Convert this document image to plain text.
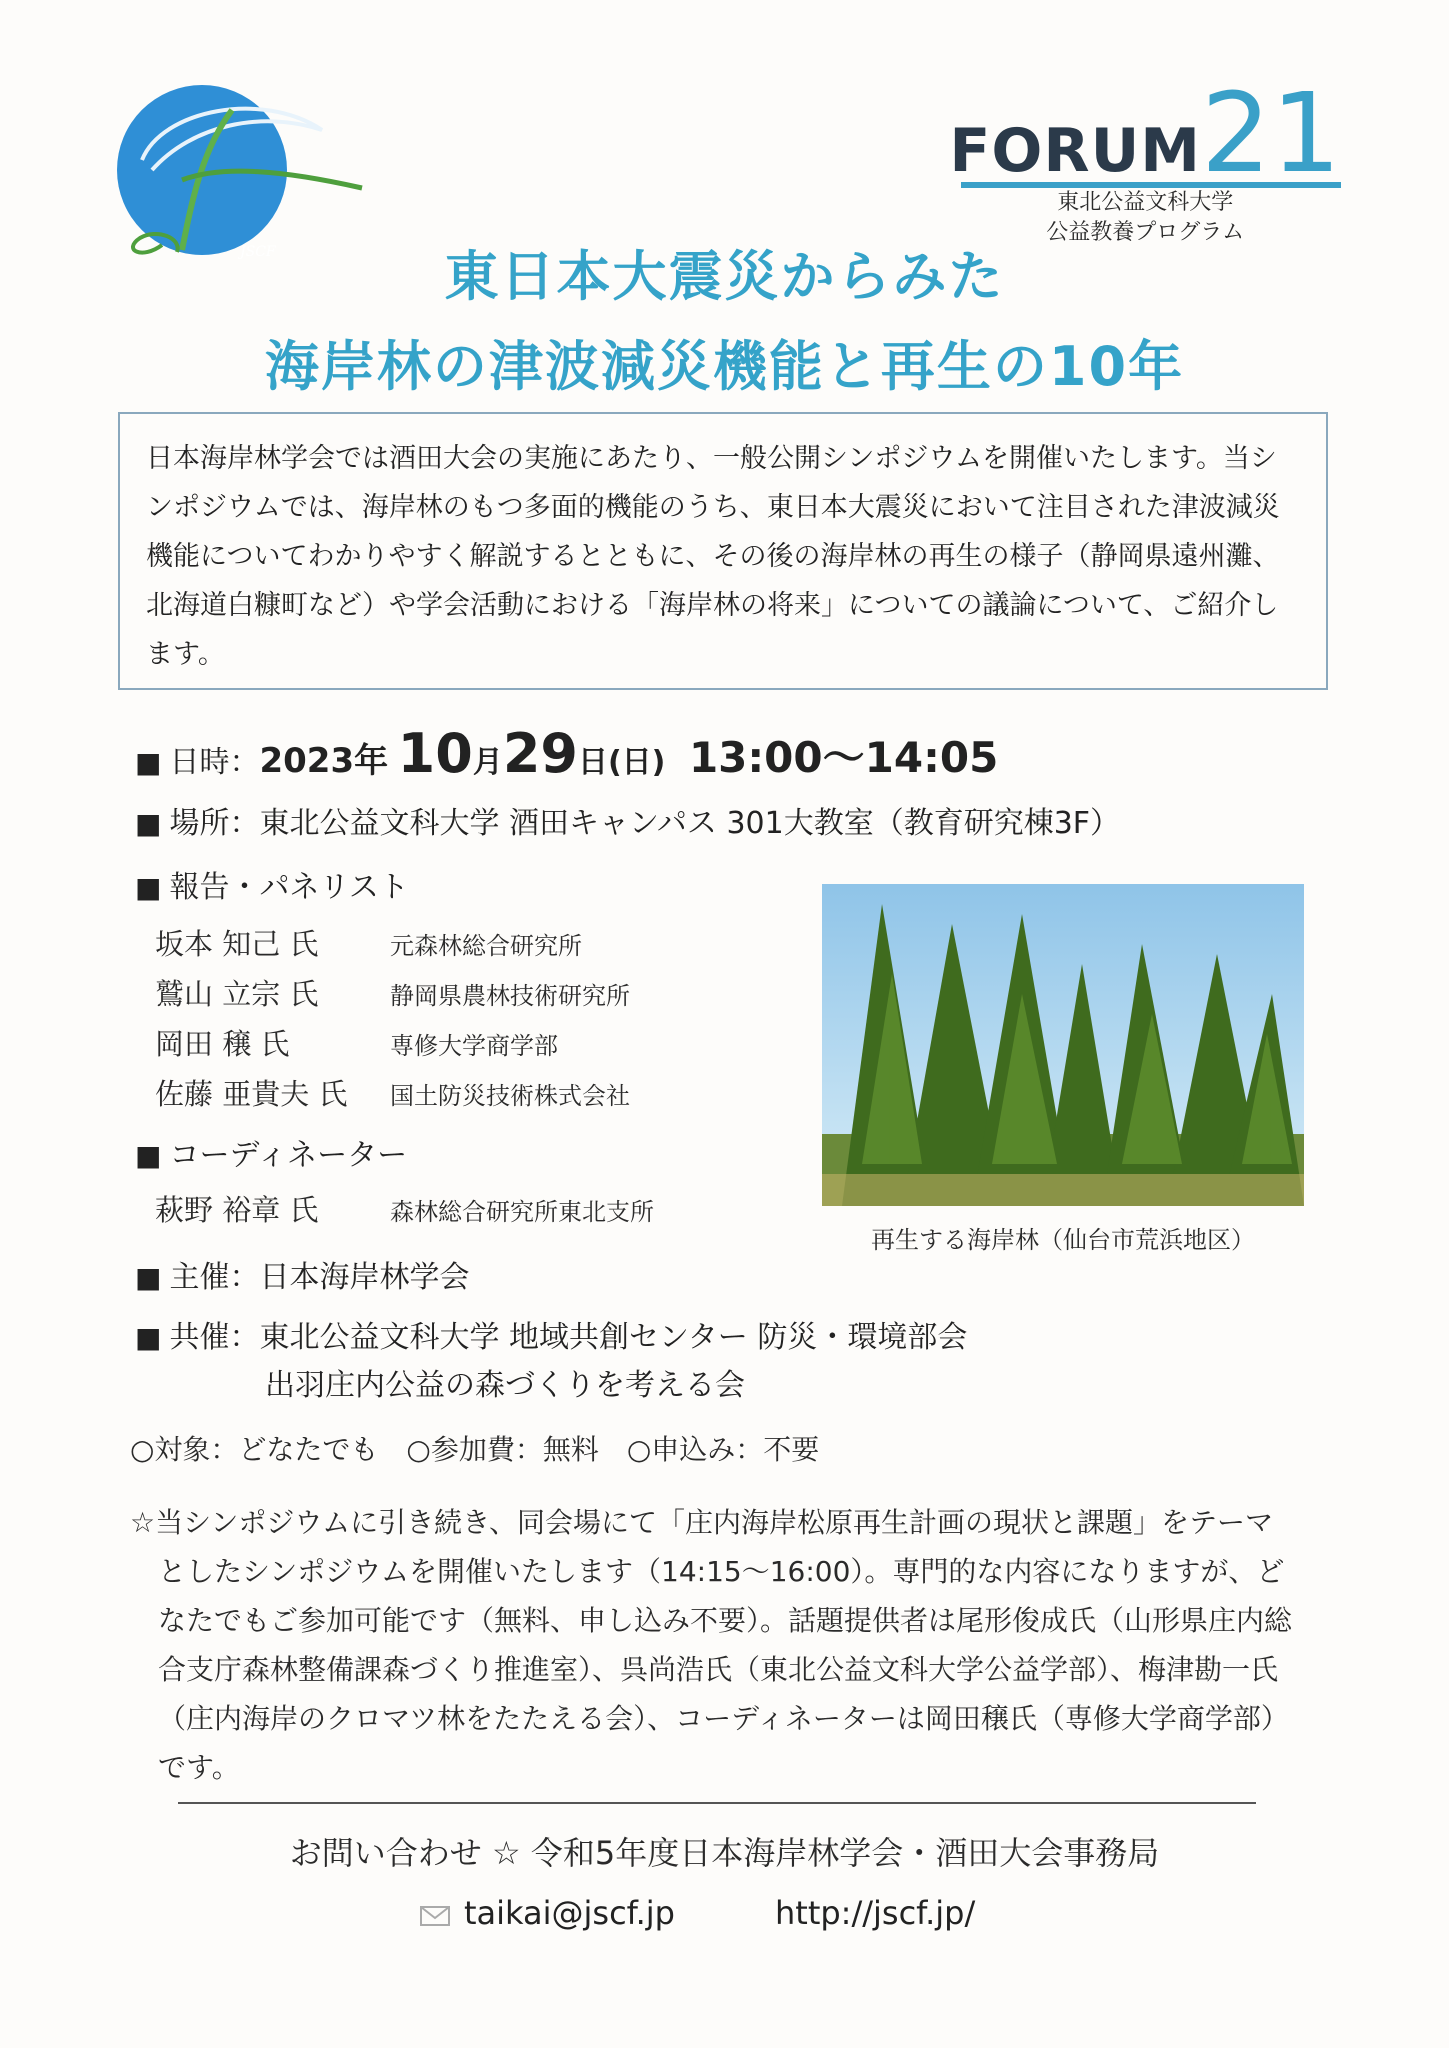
JSCF
FORUM21
東北公益文科大学
公益教養プログラム
東日本大震災からみた
海岸林の津波減災機能と再生の10年
日本海岸林学会では酒田大会の実施にあたり、一般公開シンポジウムを開催いたします。当シンポジウムでは、海岸林のもつ多面的機能のうち、東日本大震災において注目された津波減災機能についてわかりやすく解説するとともに、その後の海岸林の再生の様子（静岡県遠州灘、北海道白糠町など）や学会活動における「海岸林の将来」についての議論について、ご紹介します。
■ 日時：2023年 10月29日(日) 13:00〜14:05
■ 場所：東北公益文科大学 酒田キャンパス 301大教室（教育研究棟3F）
■ 報告・パネリスト
坂本 知己 氏	元森林総合研究所
鷲山 立宗 氏	静岡県農林技術研究所
岡田 穣 氏	専修大学商学部
佐藤 亜貴夫 氏 国土防災技術株式会社
■ コーディネーター
萩野 裕章 氏	森林総合研究所東北支所
再生する海岸林（仙台市荒浜地区）
■ 主催：日本海岸林学会
■ 共催：東北公益文科大学 地域共創センター 防災・環境部会
出羽庄内公益の森づくりを考える会
○対象：どなたでも　○参加費：無料　○申込み：不要
☆当シンポジウムに引き続き、同会場にて「庄内海岸松原再生計画の現状と課題」をテーマ
としたシンポジウムを開催いたします（14:15〜16:00）。専門的な内容になりますが、どなたでもご参加可能です（無料、申し込み不要）。話題提供者は尾形俊成氏（山形県庄内総合支庁森林整備課森づくり推進室）、呉尚浩氏（東北公益文科大学公益学部）、梅津勘一氏（庄内海岸のクロマツ林をたたえる会）、コーディネーターは岡田穣氏（専修大学商学部）です。
お問い合わせ ☆ 令和5年度日本海岸林学会・酒田大会事務局
taikai@jscf.jp	http://jscf.jp/
